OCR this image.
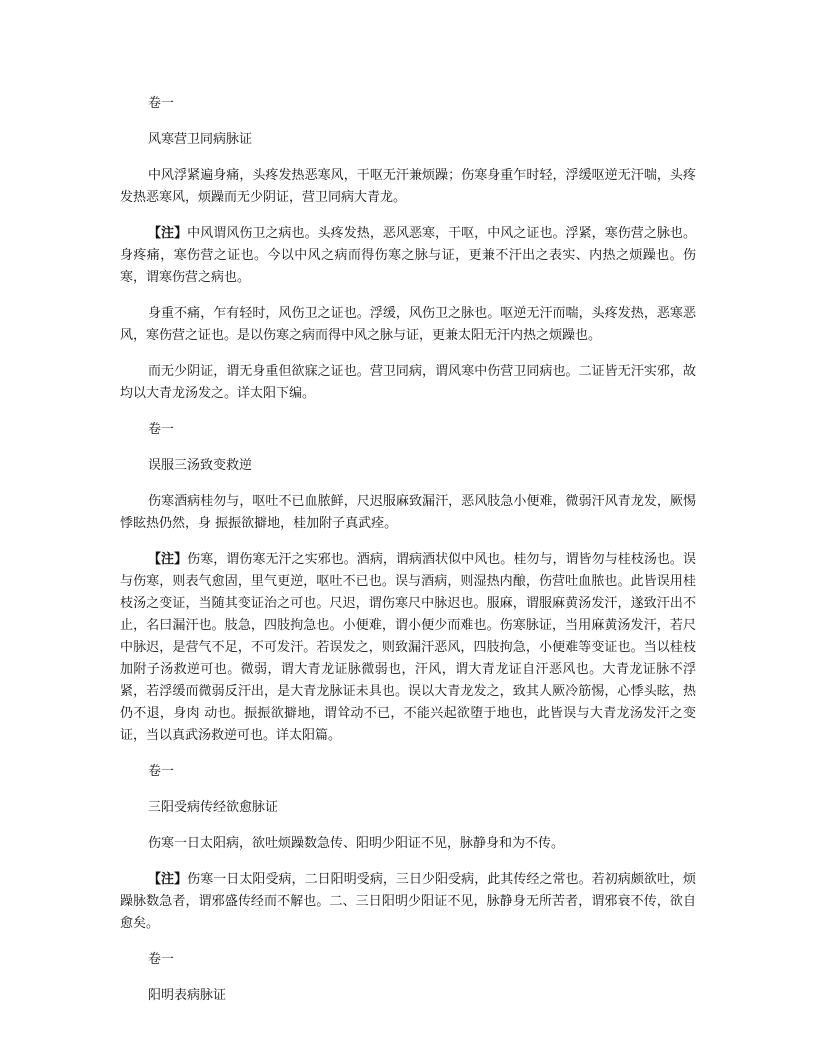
卷一

风寒营卫同病脉证

中风浮紧遍身痛，头疼发热恶寒风，干呕无汗兼烦躁；伤寒身重乍时轻，浮缓呕逆无汗喘，头疼发热恶寒风，烦躁而无少阴证，营卫同病大青龙。

【注】中风谓风伤卫之病也。头疼发热，恶风恶寒，干呕，中风之证也。浮紧，寒伤营之脉也。身疼痛，寒伤营之证也。今以中风之病而得伤寒之脉与证，更兼不汗出之表实、内热之烦躁也。伤寒，谓寒伤营之病也。

身重不痛，乍有轻时，风伤卫之证也。浮缓，风伤卫之脉也。呕逆无汗而喘，头疼发热，恶寒恶风，寒伤营之证也。是以伤寒之病而得中风之脉与证，更兼太阳无汗内热之烦躁也。

而无少阴证，谓无身重但欲寐之证也。营卫同病，谓风寒中伤营卫同病也。二证皆无汗实邪，故均以大青龙汤发之。详太阳下编。

卷一

误服三汤致变救逆

伤寒酒病桂勿与，呕吐不已血脓鲜，尺迟服麻致漏汗，恶风肢急小便难，微弱汗风青龙发，厥惕悸眩热仍然，身 振振欲擗地，桂加附子真武痊。

【注】伤寒，谓伤寒无汗之实邪也。酒病，谓病酒状似中风也。桂勿与，谓皆勿与桂枝汤也。误与伤寒，则表气愈固，里气更逆，呕吐不已也。误与酒病，则湿热内酿，伤营吐血脓也。此皆误用桂枝汤之变证，当随其变证治之可也。尺迟，谓伤寒尺中脉迟也。服麻，谓服麻黄汤发汗，遂致汗出不止，名曰漏汗也。肢急，四肢拘急也。小便难，谓小便少而难也。伤寒脉证，当用麻黄汤发汗，若尺中脉迟，是营气不足，不可发汗。若误发之，则致漏汗恶风，四肢拘急，小便难等变证也。当以桂枝加附子汤救逆可也。微弱，谓大青龙证脉微弱也，汗风，谓大青龙证自汗恶风也。大青龙证脉不浮紧，若浮缓而微弱反汗出，是大青龙脉证未具也。误以大青龙发之，致其人厥冷筋惕，心悸头眩，热仍不退，身肉 动也。振振欲擗地，谓耸动不已，不能兴起欲堕于地也，此皆误与大青龙汤发汗之变证，当以真武汤救逆可也。详太阳篇。

卷一

三阳受病传经欲愈脉证

伤寒一日太阳病，欲吐烦躁数急传、阳明少阳证不见，脉静身和为不传。

【注】伤寒一日太阳受病，二日阳明受病，三日少阳受病，此其传经之常也。若初病颇欲吐，烦躁脉数急者，谓邪盛传经而不解也。二、三日阳明少阳证不见，脉静身无所苦者，谓邪衰不传，欲自愈矣。

卷一

阳明表病脉证
